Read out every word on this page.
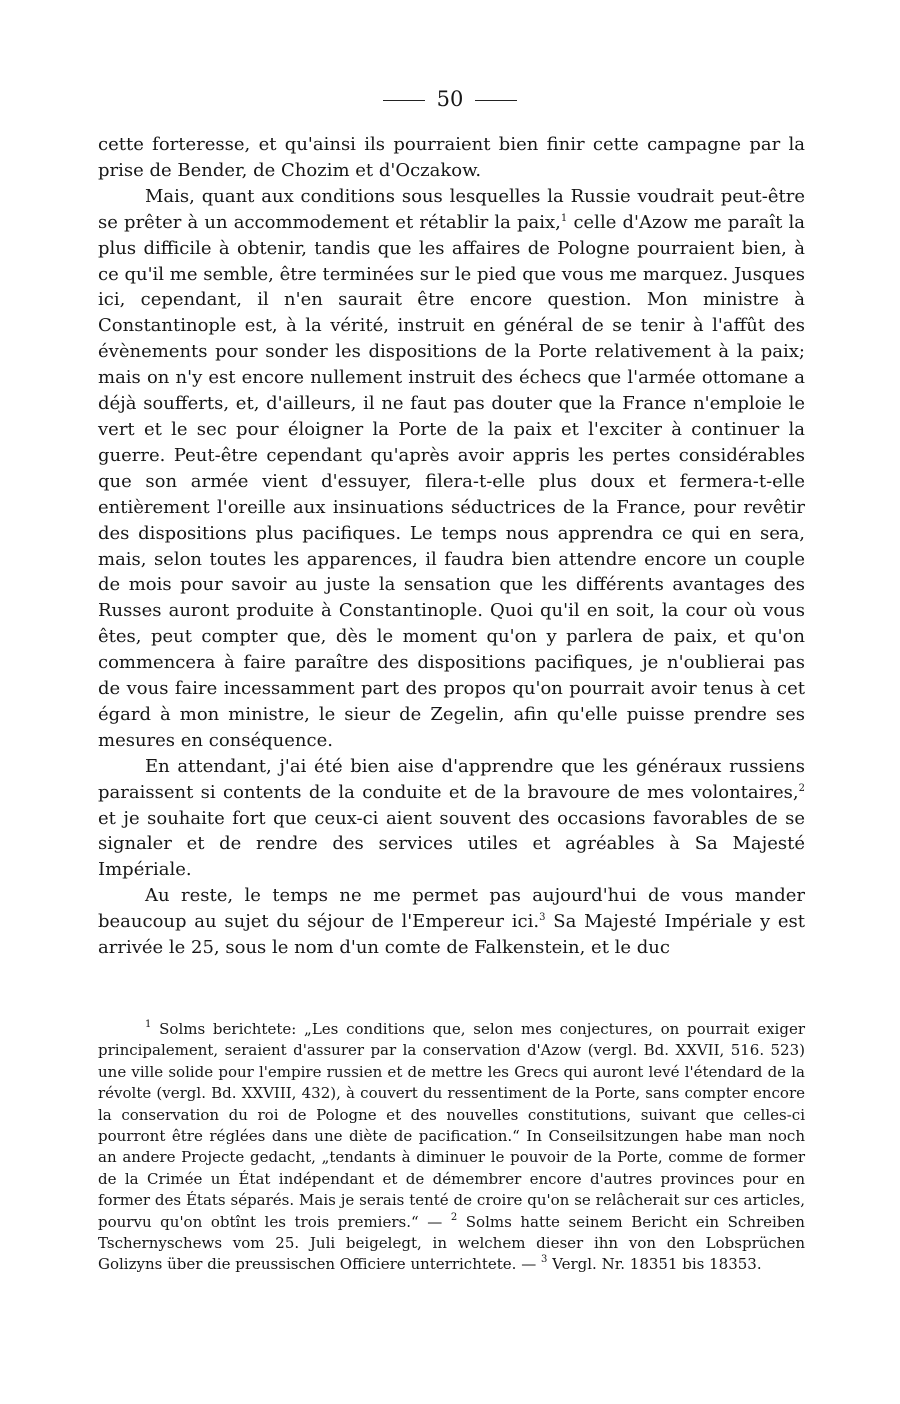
50

cette forteresse, et qu'ainsi ils pourraient bien finir cette campagne par la prise de Bender, de Chozim et d'Oczakow.

Mais, quant aux conditions sous lesquelles la Russie voudrait peut-être se prêter à un accommodement et rétablir la paix,$^1$ celle d'Azow me paraît la plus difficile à obtenir, tandis que les affaires de Pologne pourraient bien, à ce qu'il me semble, être terminées sur le pied que vous me marquez. Jusques ici, cependant, il n'en saurait être encore question. Mon ministre à Constantinople est, à la vérité, instruit en général de se tenir à l'affût des évènements pour sonder les dispositions de la Porte relativement à la paix; mais on n'y est encore nullement instruit des échecs que l'armée ottomane a déjà soufferts, et, d'ailleurs, il ne faut pas douter que la France n'emploie le vert et le sec pour éloigner la Porte de la paix et l'exciter à continuer la guerre. Peut-être cependant qu'après avoir appris les pertes considérables que son armée vient d'essuyer, filera-t-elle plus doux et fermera-t-elle entièrement l'oreille aux insinuations séductrices de la France, pour revêtir des dispositions plus pacifiques. Le temps nous apprendra ce qui en sera, mais, selon toutes les apparences, il faudra bien attendre encore un couple de mois pour savoir au juste la sensation que les différents avantages des Russes auront produite à Constantinople. Quoi qu'il en soit, la cour où vous êtes, peut compter que, dès le moment qu'on y parlera de paix, et qu'on commencera à faire paraître des dispositions pacifiques, je n'oublierai pas de vous faire incessamment part des propos qu'on pourrait avoir tenus à cet égard à mon ministre, le sieur de Zegelin, afin qu'elle puisse prendre ses mesures en conséquence.

En attendant, j'ai été bien aise d'apprendre que les généraux russiens paraissent si contents de la conduite et de la bravoure de mes volontaires,$^2$ et je souhaite fort que ceux-ci aient souvent des occasions favorables de se signaler et de rendre des services utiles et agréables à Sa Majesté Impériale.

Au reste, le temps ne me permet pas aujourd'hui de vous mander beaucoup au sujet du séjour de l'Empereur ici.$^3$ Sa Majesté Impériale y est arrivée le 25, sous le nom d'un comte de Falkenstein, et le duc

$^1$ Solms berichtete: „Les conditions que, selon mes conjectures, on pourrait exiger principalement, seraient d'assurer par la conservation d'Azow (vergl. Bd. XXVII, 516. 523) une ville solide pour l'empire russien et de mettre les Grecs qui auront levé l'étendard de la révolte (vergl. Bd. XXVIII, 432), à couvert du ressentiment de la Porte, sans compter encore la conservation du roi de Pologne et des nouvelles constitutions, suivant que celles-ci pourront être réglées dans une diète de pacification.“ In Conseilsitzungen habe man noch an andere Projecte gedacht, „tendants à diminuer le pouvoir de la Porte, comme de former de la Crimée un État indépendant et de démembrer encore d'autres provinces pour en former des États séparés. Mais je serais tenté de croire qu'on se relâcherait sur ces articles, pourvu qu'on obtînt les trois premiers.“ — $^2$ Solms hatte seinem Bericht ein Schreiben Tschernyschews vom 25. Juli beigelegt, in welchem dieser ihn von den Lobsprüchen Golizyns über die preussischen Officiere unterrichtete. — $^3$ Vergl. Nr. 18351 bis 18353.
